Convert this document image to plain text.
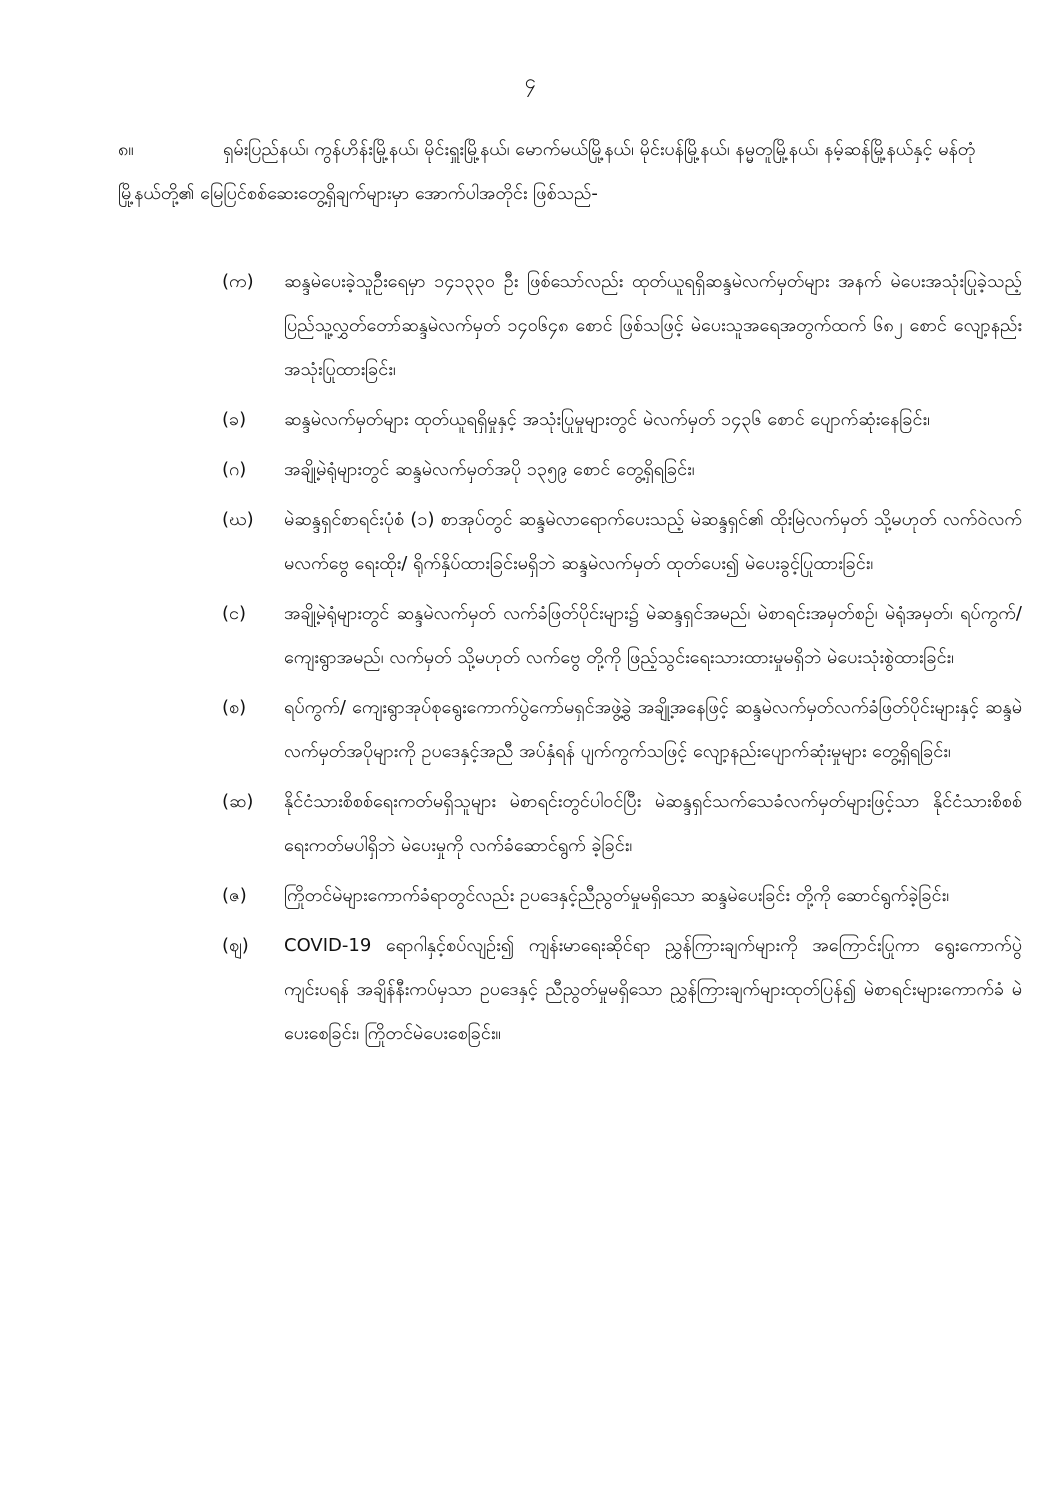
၄
၈။	ရှမ်းပြည်နယ်၊ ကွန်ဟိန်းမြို့နယ်၊ မိုင်းရှူးမြို့နယ်၊ မောက်မယ်မြို့နယ်၊ မိုင်းပန်မြို့နယ်၊ နမ္မတူမြို့နယ်၊ နမ့်ဆန်မြို့နယ်နှင့် မန်တုံမြို့နယ်တို့၏ မြေပြင်စစ်ဆေးတွေ့ရှိချက်များမှာ အောက်ပါအတိုင်း ဖြစ်သည်-
(က)	ဆန္ဒမဲပေးခဲ့သူဦးရေမှာ ၁၄၁၃၃၀ ဦး ဖြစ်သော်လည်း ထုတ်ယူရရှိဆန္ဒမဲလက်မှတ်များ အနက် မဲပေးအသုံးပြုခဲ့သည့် ပြည်သူ့လွှတ်တော်ဆန္ဒမဲလက်မှတ် ၁၄၀၆၄၈ စောင် ဖြစ်သဖြင့် မဲပေးသူအရေအတွက်ထက် ၆၈၂ စောင် လျော့နည်းအသုံးပြုထားခြင်း၊
(ခ)	ဆန္ဒမဲလက်မှတ်များ ထုတ်ယူရရှိမှုနှင့် အသုံးပြုမှုများတွင် မဲလက်မှတ် ၁၄၃၆ စောင် ပျောက်ဆုံးနေခြင်း၊
(ဂ)	အချို့မဲရုံများတွင် ဆန္ဒမဲလက်မှတ်အပို ၁၃၅၉ စောင် တွေ့ရှိရခြင်း၊
(ဃ)	မဲဆန္ဒရှင်စာရင်းပုံစံ (၁) စာအုပ်တွင် ဆန္ဒမဲလာရောက်ပေးသည့် မဲဆန္ဒရှင်၏ ထိုးမြဲလက်မှတ် သို့မဟုတ် လက်ဝဲလက်မလက်ဗွေ ရေးထိုး/ ရိုက်နှိပ်ထားခြင်းမရှိဘဲ ဆန္ဒမဲလက်မှတ် ထုတ်ပေး၍ မဲပေးခွင့်ပြုထားခြင်း၊
(င)	အချို့မဲရုံများတွင် ဆန္ဒမဲလက်မှတ် လက်ခံဖြတ်ပိုင်းများ၌ မဲဆန္ဒရှင်အမည်၊ မဲစာရင်းအမှတ်စဉ်၊ မဲရုံအမှတ်၊ ရပ်ကွက်/ ကျေးရွာအမည်၊ လက်မှတ် သို့မဟုတ် လက်ဗွေ တို့ကို ဖြည့်သွင်းရေးသားထားမှုမရှိဘဲ မဲပေးသုံးစွဲထားခြင်း၊
(စ)	ရပ်ကွက်/ ကျေးရွာအုပ်စုရွေးကောက်ပွဲကော်မရှင်အဖွဲ့ခွဲ အချို့အနေဖြင့် ဆန္ဒမဲလက်မှတ်လက်ခံဖြတ်ပိုင်းများနှင့် ဆန္ဒမဲလက်မှတ်အပိုများကို ဥပဒေနှင့်အညီ အပ်နှံရန် ပျက်ကွက်သဖြင့် လျော့နည်းပျောက်ဆုံးမှုများ တွေ့ရှိရခြင်း၊
(ဆ)	နိုင်ငံသားစိစစ်ရေးကတ်မရှိသူများ မဲစာရင်းတွင်ပါဝင်ပြီး မဲဆန္ဒရှင်သက်သေခံလက်မှတ်များဖြင့်သာ နိုင်ငံသားစိစစ်ရေးကတ်မပါရှိဘဲ မဲပေးမှုကို လက်ခံဆောင်ရွက် ခဲ့ခြင်း၊
(ဇ)	ကြိုတင်မဲများကောက်ခံရာတွင်လည်း ဥပဒေနှင့်ညီညွတ်မှုမရှိသော ဆန္ဒမဲပေးခြင်း တို့ကို ဆောင်ရွက်ခဲ့ခြင်း၊
(ဈ)	COVID-19 ရောဂါနှင့်စပ်လျဉ်း၍ ကျန်းမာရေးဆိုင်ရာ ညွှန်ကြားချက်များကို အကြောင်းပြုကာ ရွေးကောက်ပွဲကျင်းပရန် အချိန်နီးကပ်မှသာ ဥပဒေနှင့် ညီညွတ်မှုမရှိသော ညွှန်ကြားချက်များထုတ်ပြန်၍ မဲစာရင်းများကောက်ခံ မဲပေးစေခြင်း၊ ကြိုတင်မဲပေးစေခြင်း။
